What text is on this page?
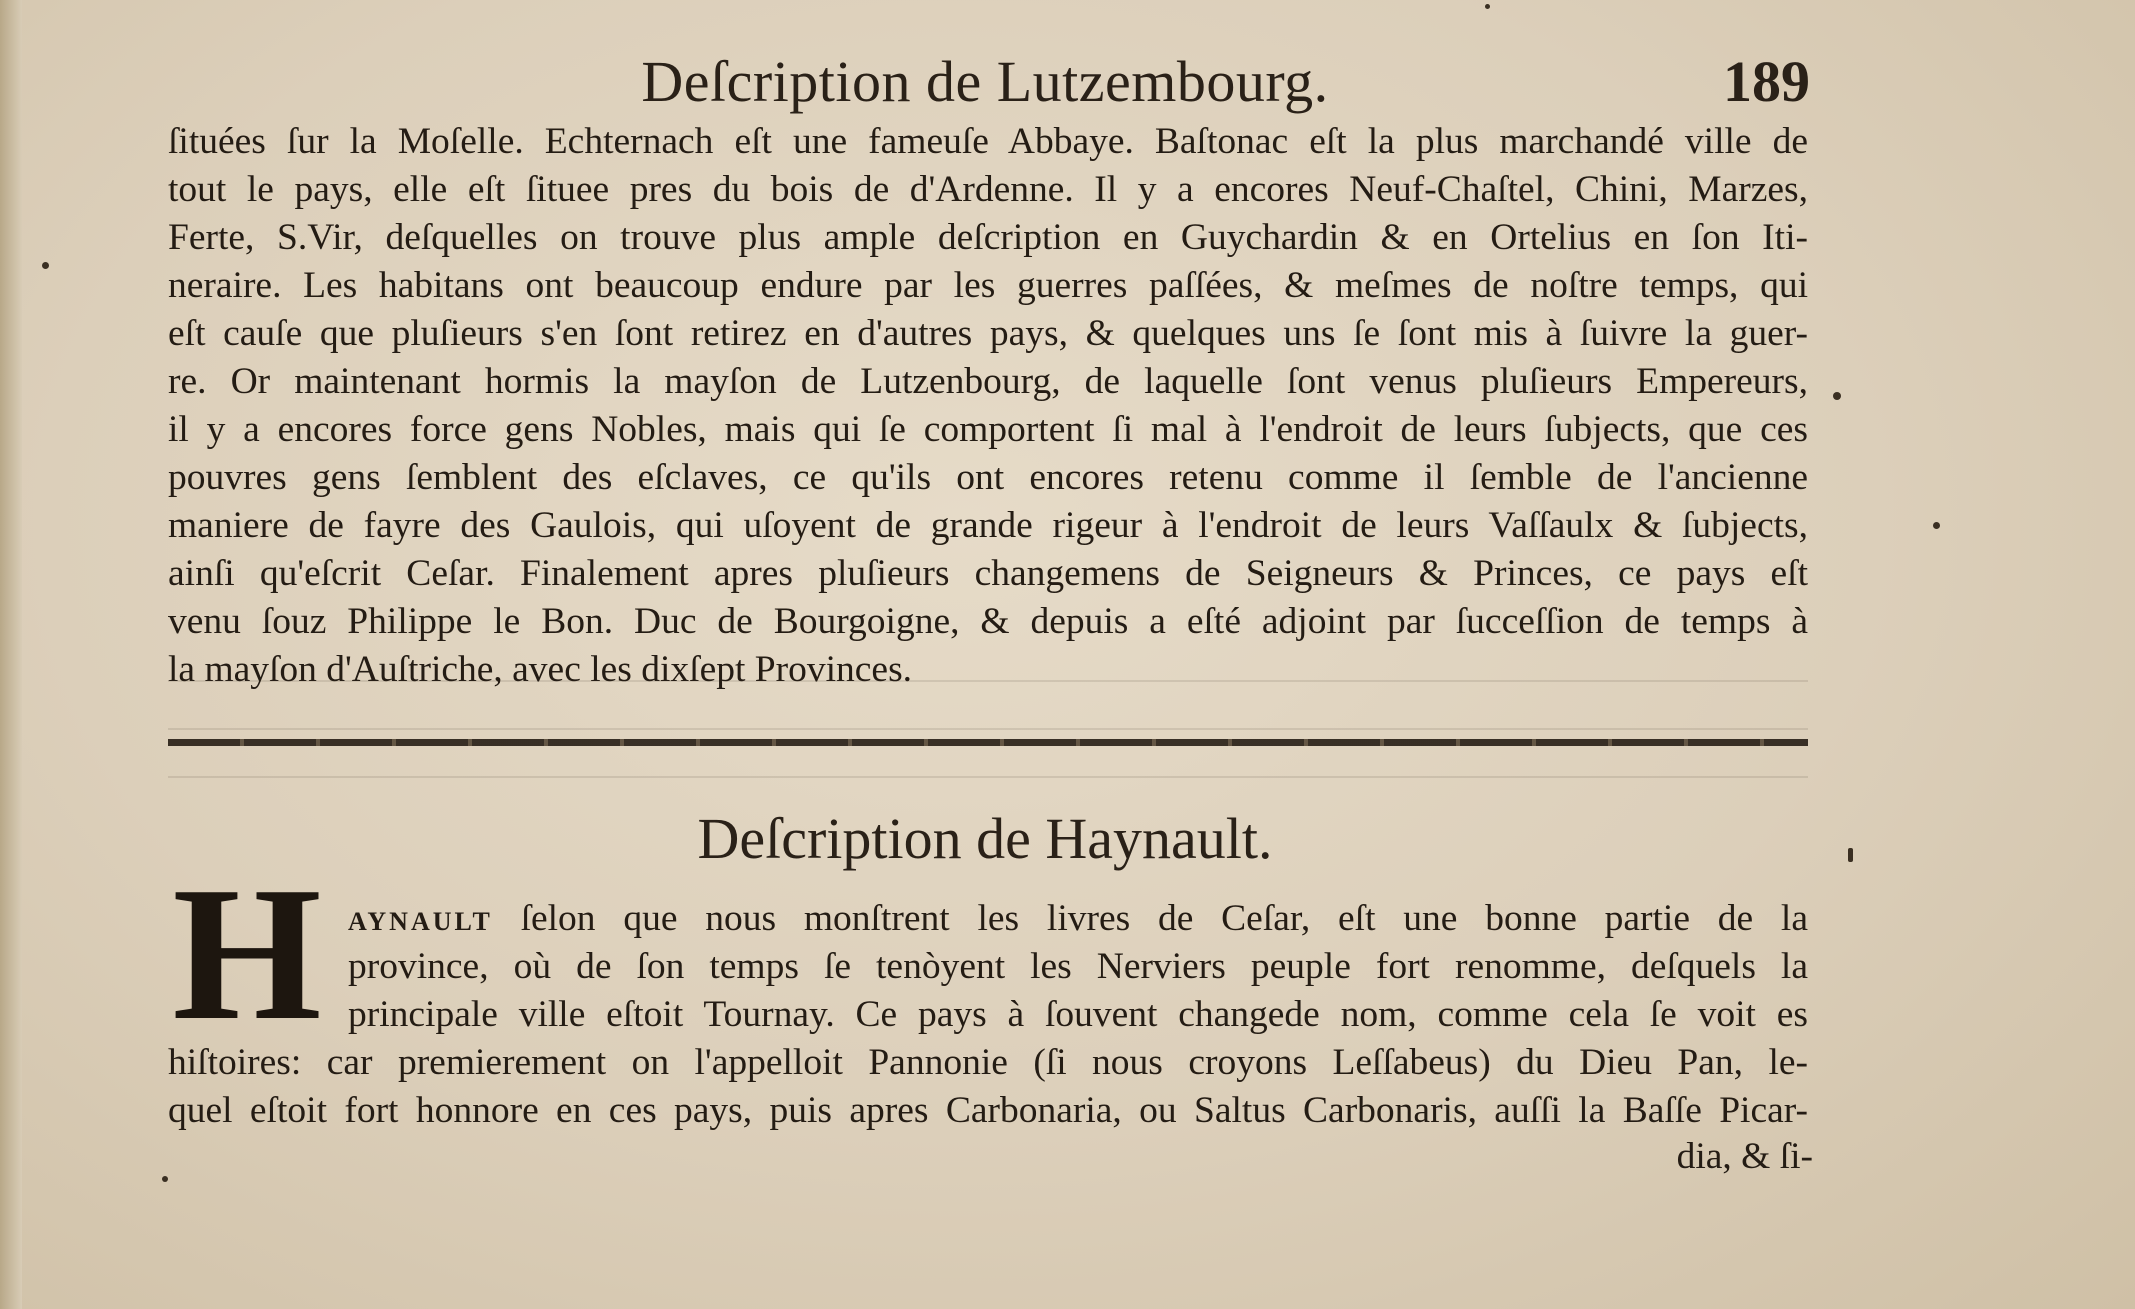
Deſcription de Lutzembourg.	189
ſituées ſur la Moſelle. Echternach eſt une fameuſe Abbaye. Baſtonac eſt la plus marchandé ville de
tout le pays, elle eſt ſituee pres du bois de d'Ardenne. Il y a encores Neuf-Chaſtel, Chini, Marzes,
Ferte, S.Vir, deſquelles on trouve plus ample deſcription en Guychardin & en Ortelius en ſon Iti-
neraire. Les habitans ont beaucoup endure par les guerres paſſées, & meſmes de noſtre temps, qui
eſt cauſe que pluſieurs s'en ſont retirez en d'autres pays, & quelques uns ſe ſont mis à ſuivre la guer-
re. Or maintenant hormis la mayſon de Lutzenbourg, de laquelle ſont venus pluſieurs Empereurs,
il y a encores force gens Nobles, mais qui ſe comportent ſi mal à l'endroit de leurs ſubjects, que ces
pouvres gens ſemblent des eſclaves, ce qu'ils ont encores retenu comme il ſemble de l'ancienne
maniere de fayre des Gaulois, qui uſoyent de grande rigeur à l'endroit de leurs Vaſſaulx & ſubjects,
ainſi qu'eſcrit Ceſar. Finalement apres pluſieurs changemens de Seigneurs & Princes, ce pays eſt
venu ſouz Philippe le Bon. Duc de Bourgoigne, & depuis a eſté adjoint par ſucceſſion de temps à
la mayſon d'Auſtriche, avec les dixſept Provinces.
Deſcription de Haynault.
H aynault ſelon que nous monſtrent les livres de Ceſar, eſt une bonne partie de la
province, où de ſon temps ſe tenòyent les Nerviers peuple fort renomme, deſquels la
principale ville eſtoit Tournay. Ce pays à ſouvent changede nom, comme cela ſe voit es
hiſtoires: car premierement on l'appelloit Pannonie (ſi nous croyons Leſſabeus) du Dieu Pan, le-
quel eſtoit fort honnore en ces pays, puis apres Carbonaria, ou Saltus Carbonaris, auſſi la Baſſe Picar-
dia, & ſi-
